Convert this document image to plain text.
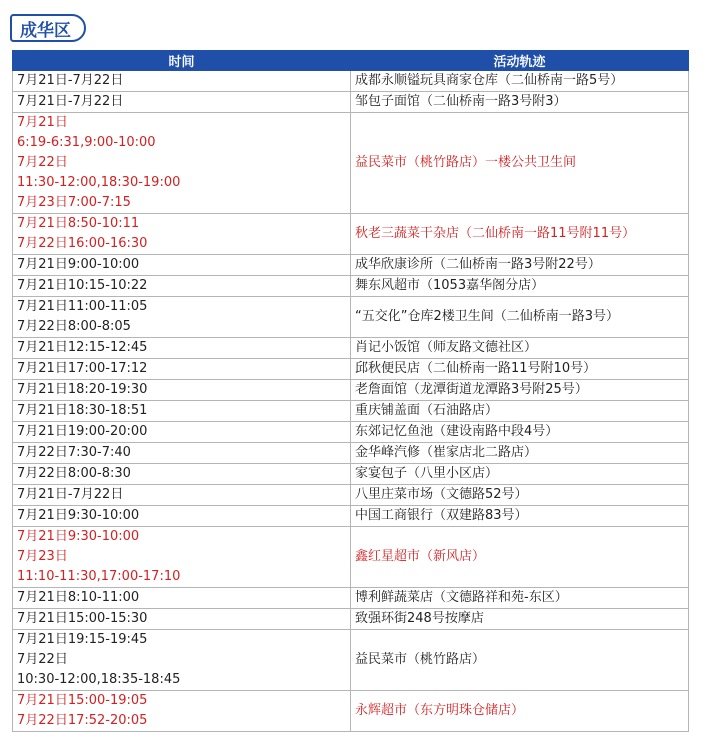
成华区
时间	活动轨迹

7月21日-7月22日	成都永顺镒玩具商家仓库（二仙桥南一路5号）

7月21日-7月22日	邹包子面馆（二仙桥南一路3号附3）

7月21日
6:19-6:31,9:00-10:00
7月22日
11:30-12:00,18:30-19:00
7月23日7:00-7:15	益民菜市（桃竹路店）一楼公共卫生间

7月21日8:50-10:11
7月22日16:00-16:30	秋老三蔬菜干杂店（二仙桥南一路11号附11号）

7月21日9:00-10:00	成华欣康诊所（二仙桥南一路3号附22号）

7月21日10:15-10:22	舞东风超市（1053嘉华阁分店）

7月21日11:00-11:05
7月22日8:00-8:05	“五交化”仓库2楼卫生间（二仙桥南一路3号）

7月21日12:15-12:45	肖记小饭馆（师友路文德社区）

7月21日17:00-17:12	邱秋便民店（二仙桥南一路11号附10号）

7月21日18:20-19:30	老詹面馆（龙潭街道龙潭路3号附25号）

7月21日18:30-18:51	重庆铺盖面（石油路店）

7月21日19:00-20:00	东郊记忆鱼池（建设南路中段4号）

7月22日7:30-7:40	金华峰汽修（崔家店北二路店）

7月22日8:00-8:30	家宴包子（八里小区店）

7月21日-7月22日	八里庄菜市场（文德路52号）

7月21日9:30-10:00	中国工商银行（双建路83号）

7月21日9:30-10:00
7月23日
11:10-11:30,17:00-17:10	鑫红星超市（新风店）

7月21日8:10-11:00	博利鲜蔬菜店（文德路祥和苑-东区）

7月21日15:00-15:30	致强环街248号按摩店

7月21日19:15-19:45
7月22日
10:30-12:00,18:35-18:45	益民菜市（桃竹路店）

7月21日15:00-19:05
7月22日17:52-20:05	永辉超市（东方明珠仓储店）
